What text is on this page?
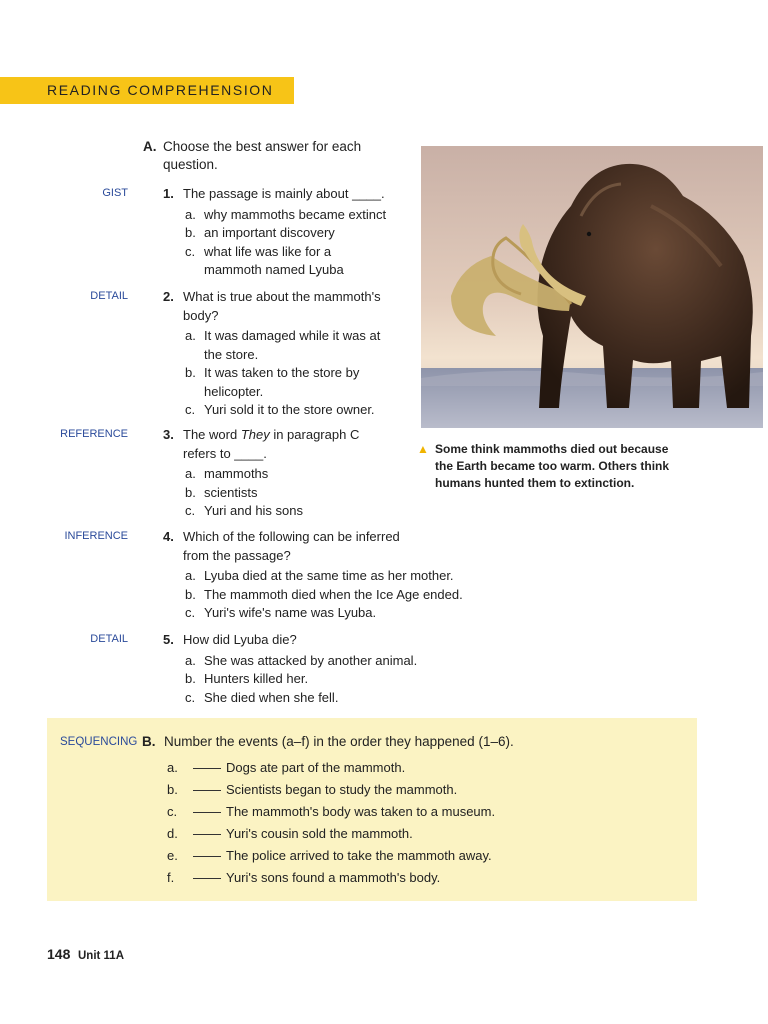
READING COMPREHENSION
A. Choose the best answer for each
question.
GIST	1. The passage is mainly about ____.
a. why mammoths became extinct
b. an important discovery
c. what life was like for a
mammoth named Lyuba
DETAIL	2. What is true about the mammoth's
body?
a. It was damaged while it was at
the store.
b. It was taken to the store by
helicopter.
c. Yuri sold it to the store owner.
REFERENCE	3. The word They in paragraph C
refers to ____.
a. mammoths
b. scientists
c. Yuri and his sons
INFERENCE	4. Which of the following can be inferred
from the passage?
a. Lyuba died at the same time as her mother.
b. The mammoth died when the Ice Age ended.
c. Yuri's wife's name was Lyuba.
DETAIL	5. How did Lyuba die?
a. She was attacked by another animal.
b. Hunters killed her.
c. She died when she fell.
▲ Some think mammoths died out because
the Earth became too warm. Others think humans hunted them to extinction.
SEQUENCING B. Number the events (a–f) in the order they happened (1–6).
a.	Dogs ate part of the mammoth.
b.	Scientists began to study the mammoth.
c.	The mammoth's body was taken to a museum.
d.	Yuri's cousin sold the mammoth.
e.	The police arrived to take the mammoth away.
f.	Yuri's sons found a mammoth's body.
148 Unit 11A
